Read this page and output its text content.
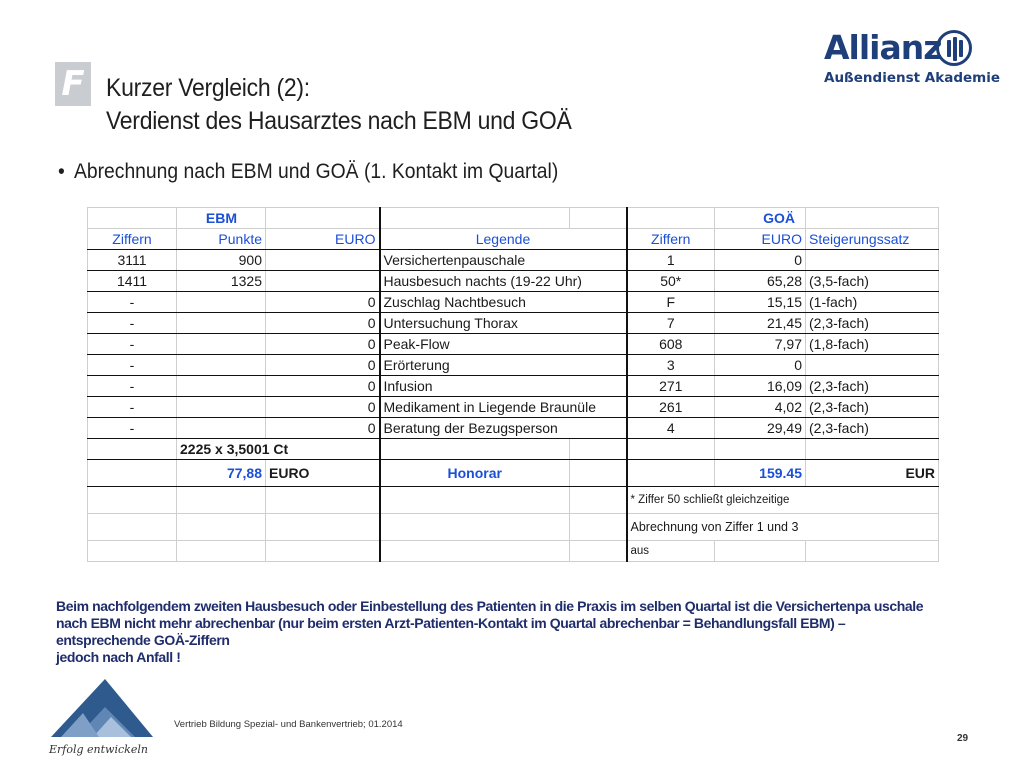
F Kurzer Vergleich (2):
Verdienst des Hausarztes nach EBM und GOÄ
• Abrechnung nach EBM und GOÄ (1. Kontakt im Quartal)
Allianz
Außendienst Akademie
	EBM					GOÄ	
Ziffern	Punkte	EURO	Legende		Ziffern	EURO	Steigerungssatz
3111	900		Versichertenpauschale		1	0	
1411	1325		Hausbesuch nachts (19-22 Uhr)		50*	65,28	(3,5-fach)
-		0	Zuschlag Nachtbesuch		F	15,15	(1-fach)
-		0	Untersuchung Thorax		7	21,45	(2,3-fach)
-		0	Peak-Flow		608	7,97	(1,8-fach)
-		0	Erörterung		3	0	
-		0	Infusion		271	16,09	(2,3-fach)
-		0	Medikament in Liegende Braunüle		261	4,02	(2,3-fach)
-		0	Beratung der Bezugsperson		4	29,49	(2,3-fach)
	2225 x 3,5001 Ct						
	77,88	EURO	Honorar			159.45	EUR
					* Ziffer 50 schließt gleichzeitige		
					Abrechnung von Ziffer 1 und 3		
					aus		
Beim nachfolgendem zweiten Hausbesuch oder Einbestellung des Patienten in die Praxis im selben Quartal ist die Versichertenpa uschale
nach EBM nicht mehr abrechenbar (nur beim ersten Arzt-Patienten-Kontakt im Quartal abrechenbar = Behandlungsfall EBM) –
entsprechende GOÄ-Ziffern
jedoch nach Anfall !
Erfolg entwickeln
Vertrieb Bildung Spezial- und Bankenvertrieb; 01.2014
29
